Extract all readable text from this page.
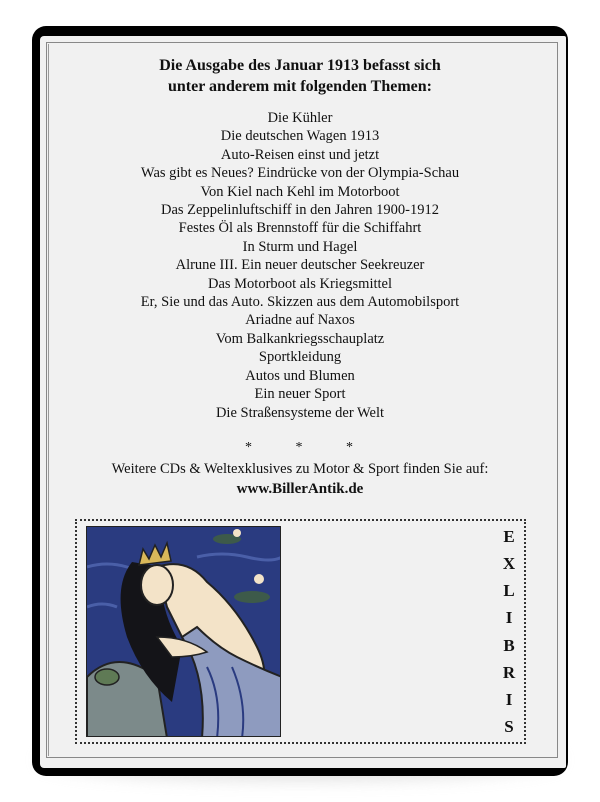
Die Ausgabe des Januar 1913 befasst sich
unter anderem mit folgenden Themen:
Die Kühler
Die deutschen Wagen 1913
Auto-Reisen einst und jetzt
Was gibt es Neues? Eindrücke von der Olympia-Schau
Von Kiel nach Kehl im Motorboot
Das Zeppelinluftschiff in den Jahren 1900-1912
Festes Öl als Brennstoff für die Schiffahrt
In Sturm und Hagel
Alrune III. Ein neuer deutscher Seekreuzer
Das Motorboot als Kriegsmittel
Er, Sie und das Auto. Skizzen aus dem Automobilsport
Ariadne auf Naxos
Vom Balkankriegsschauplatz
Sportkleidung
Autos und Blumen
Ein neuer Sport
Die Straßensysteme der Welt
* * *
Weitere CDs & Weltexklusives zu Motor & Sport finden Sie auf:
www.BillerAntik.de
E
X
L
I
B
R
I
S
